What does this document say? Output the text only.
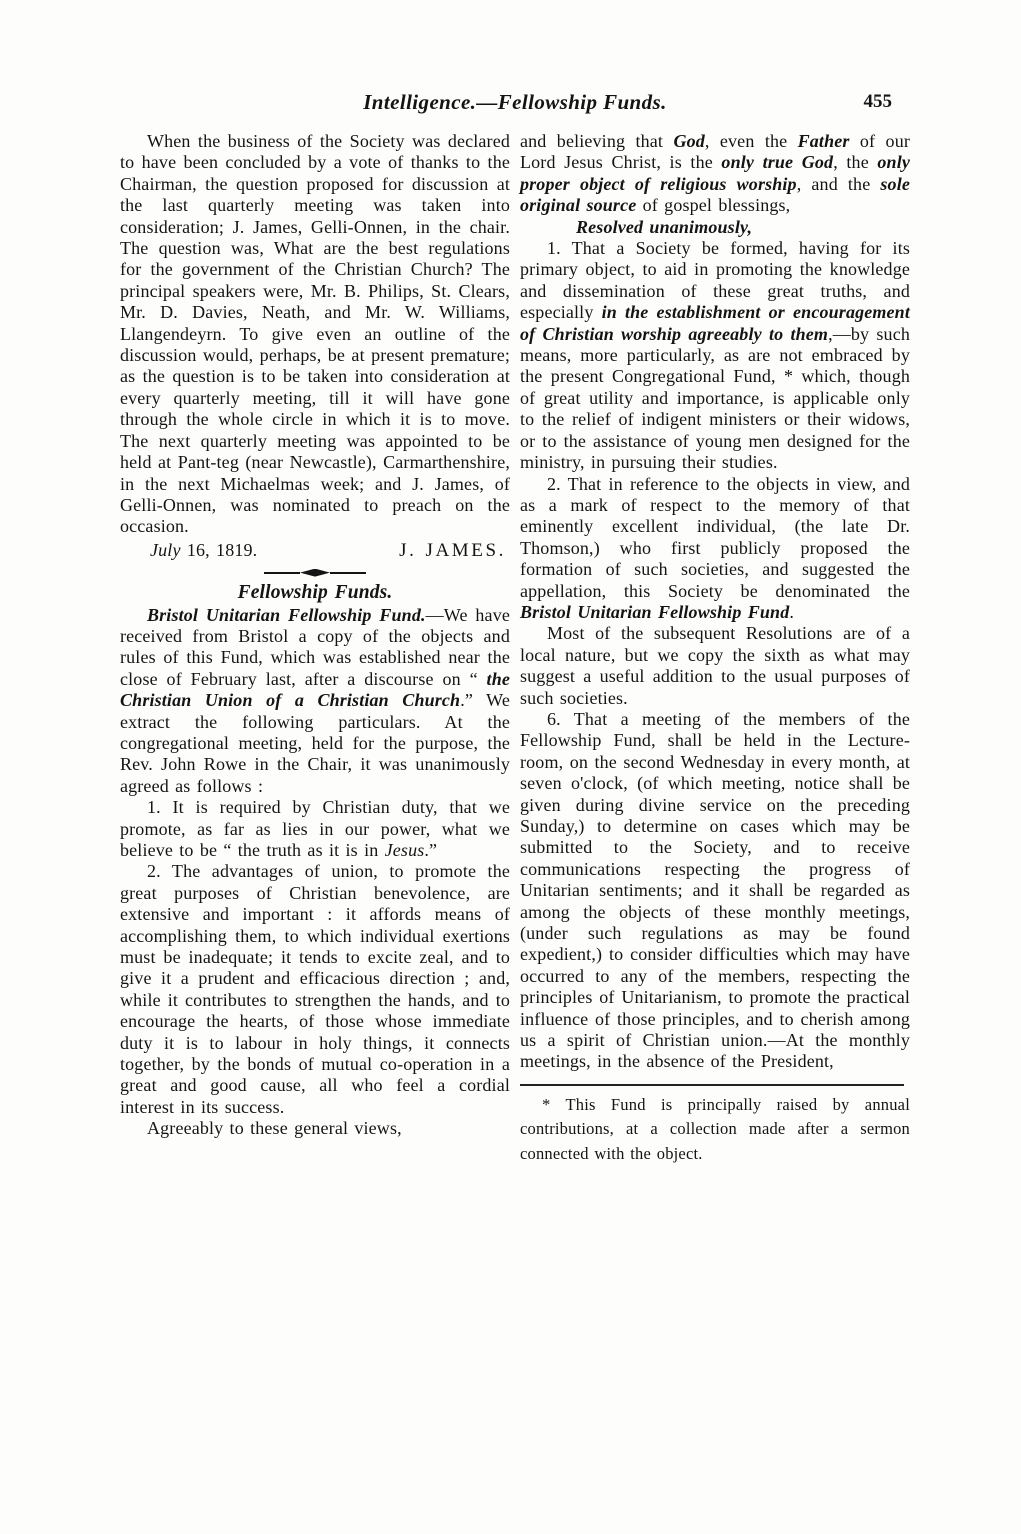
Intelligence.—Fellowship Funds.	455

When the business of the Society was declared to have been concluded by a vote of thanks to the Chairman, the question proposed for discussion at the last quarterly meeting was taken into consideration; J. James, Gelli-Onnen, in the chair. The question was, What are the best regulations for the government of the Christian Church? The principal speakers were, Mr. B. Philips, St. Clears, Mr. D. Davies, Neath, and Mr. W. Williams, Llangendeyrn. To give even an outline of the discussion would, perhaps, be at present premature; as the question is to be taken into consideration at every quarterly meeting, till it will have gone through the whole circle in which it is to move. The next quarterly meeting was appointed to be held at Pant-teg (near Newcastle), Carmarthenshire, in the next Michaelmas week; and J. James, of Gelli-Onnen, was nominated to preach on the occasion.

July 16, 1819.	J. JAMES.

Fellowship Funds.

Bristol Unitarian Fellowship Fund.—We have received from Bristol a copy of the objects and rules of this Fund, which was established near the close of February last, after a discourse on “ the Christian Union of a Christian Church.” We extract the following particulars. At the congregational meeting, held for the purpose, the Rev. John Rowe in the Chair, it was unanimously agreed as follows :

1. It is required by Christian duty, that we promote, as far as lies in our power, what we believe to be “ the truth as it is in Jesus.”

2. The advantages of union, to promote the great purposes of Christian benevolence, are extensive and important : it affords means of accomplishing them, to which individual exertions must be inadequate; it tends to excite zeal, and to give it a prudent and efficacious direction ; and, while it contributes to strengthen the hands, and to encourage the hearts, of those whose immediate duty it is to labour in holy things, it connects together, by the bonds of mutual co-operation in a great and good cause, all who feel a cordial interest in its success.

Agreeably to these general views,

and believing that God, even the Father of our Lord Jesus Christ, is the only true God, the only proper object of religious worship, and the sole original source of gospel blessings,

Resolved unanimously,

1. That a Society be formed, having for its primary object, to aid in promoting the knowledge and dissemination of these great truths, and especially in the establishment or encouragement of Christian worship agreeably to them,—by such means, more particularly, as are not embraced by the present Congregational Fund, * which, though of great utility and importance, is applicable only to the relief of indigent ministers or their widows, or to the assistance of young men designed for the ministry, in pursuing their studies.

2. That in reference to the objects in view, and as a mark of respect to the memory of that eminently excellent individual, (the late Dr. Thomson,) who first publicly proposed the formation of such societies, and suggested the appellation, this Society be denominated the Bristol Unitarian Fellowship Fund.

Most of the subsequent Resolutions are of a local nature, but we copy the sixth as what may suggest a useful addition to the usual purposes of such societies.

6. That a meeting of the members of the Fellowship Fund, shall be held in the Lecture-room, on the second Wednesday in every month, at seven o'clock, (of which meeting, notice shall be given during divine service on the preceding Sunday,) to determine on cases which may be submitted to the Society, and to receive communications respecting the progress of Unitarian sentiments; and it shall be regarded as among the objects of these monthly meetings, (under such regulations as may be found expedient,) to consider difficulties which may have occurred to any of the members, respecting the principles of Unitarianism, to promote the practical influence of those principles, and to cherish among us a spirit of Christian union.—At the monthly meetings, in the absence of the President,

* This Fund is principally raised by annual contributions, at a collection made after a sermon connected with the object.
